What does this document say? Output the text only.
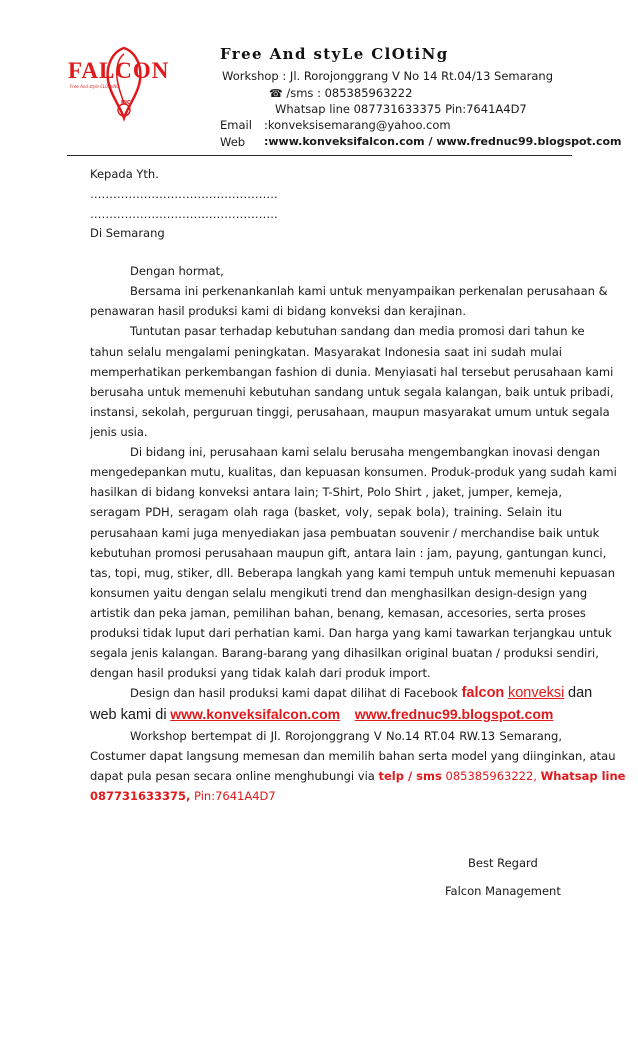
FALCON
Free And style CLOthiNG
INC
Free And styLe ClOtiNg
Workshop : Jl. Rorojonggrang V No 14 Rt.04/13 Semarang
☎ /sms : 085385963222
Whatsap line 087731633375 Pin:7641A4D7
Email :konveksisemarang@yahoo.com
Web :www.konveksifalcon.com / www.frednuc99.blogspot.com
Kepada Yth.
………………………………………….
………………………………………….
Di Semarang
Dengan hormat,
Bersama ini perkenankanlah kami untuk menyampaikan perkenalan perusahaan &
penawaran hasil produksi kami di bidang konveksi dan kerajinan.
Tuntutan pasar terhadap kebutuhan sandang dan media promosi dari tahun ke
tahun selalu mengalami peningkatan. Masyarakat Indonesia saat ini sudah mulai
memperhatikan perkembangan fashion di dunia. Menyiasati hal tersebut perusahaan kami
berusaha untuk memenuhi kebutuhan sandang untuk segala kalangan, baik untuk pribadi,
instansi, sekolah, perguruan tinggi, perusahaan, maupun masyarakat umum untuk segala
jenis usia.
Di bidang ini, perusahaan kami selalu berusaha mengembangkan inovasi dengan
mengedepankan mutu, kualitas, dan kepuasan konsumen. Produk-produk yang sudah kami
hasilkan di bidang konveksi antara lain; T-Shirt, Polo Shirt , jaket, jumper, kemeja,
seragam PDH, seragam olah raga (basket, voly, sepak bola), training. Selain itu
perusahaan kami juga menyediakan jasa pembuatan souvenir / merchandise baik untuk
kebutuhan promosi perusahaan maupun gift, antara lain : jam, payung, gantungan kunci,
tas, topi, mug, stiker, dll. Beberapa langkah yang kami tempuh untuk memenuhi kepuasan
konsumen yaitu dengan selalu mengikuti trend dan menghasilkan design-design yang
artistik dan peka jaman, pemilihan bahan, benang, kemasan, accesories, serta proses
produksi tidak luput dari perhatian kami. Dan harga yang kami tawarkan terjangkau untuk
segala jenis kalangan. Barang-barang yang dihasilkan original buatan / produksi sendiri,
dengan hasil produksi yang tidak kalah dari produk import.
Design dan hasil produksi kami dapat dilihat di Facebook falcon konveksi dan
web kami di www.konveksifalcon.com www.frednuc99.blogspot.com
Workshop bertempat di Jl. Rorojonggrang V No.14 RT.04 RW.13 Semarang,
Costumer dapat langsung memesan dan memilih bahan serta model yang diinginkan, atau
dapat pula pesan secara online menghubungi via telp / sms 085385963222, Whatsap line
087731633375, Pin:7641A4D7
Best Regard
Falcon Management
